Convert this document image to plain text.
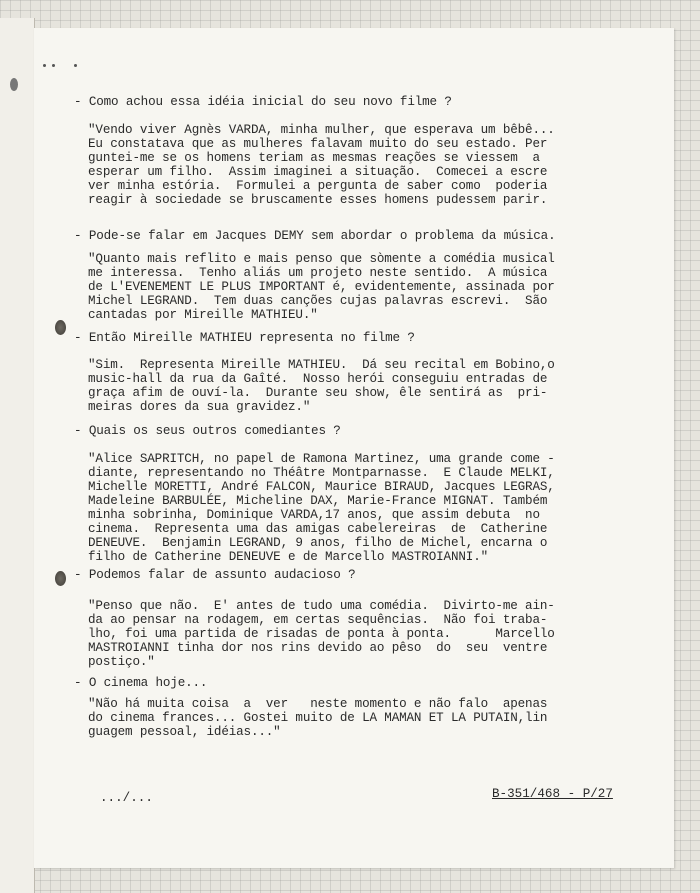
- Como achou essa idéia inicial do seu novo filme ?
"Vendo viver Agnès VARDA, minha mulher, que esperava um bêbê...
Eu constatava que as mulheres falavam muito do seu estado. Per
guntei-me se os homens teriam as mesmas reações se viessem  a
esperar um filho.  Assim imaginei a situação.  Comecei a escre
ver minha estória.  Formulei a pergunta de saber como  poderia
reagir à sociedade se bruscamente esses homens pudessem parir.
- Pode-se falar em Jacques DEMY sem abordar o problema da música.
"Quanto mais reflito e mais penso que sòmente a comédia musical
me interessa.  Tenho aliás um projeto neste sentido.  A música
de L'EVENEMENT LE PLUS IMPORTANT é, evidentemente, assinada por
Michel LEGRAND.  Tem duas canções cujas palavras escrevi.  São
cantadas por Mireille MATHIEU."
- Então Mireille MATHIEU representa no filme ?
"Sim.  Representa Mireille MATHIEU.  Dá seu recital em Bobino,o
music-hall da rua da Gaîté.  Nosso herói conseguiu entradas de
graça afim de ouví-la.  Durante seu show, êle sentirá as  pri-
meiras dores da sua gravidez."
- Quais os seus outros comediantes ?
"Alice SAPRITCH, no papel de Ramona Martinez, uma grande come -
diante, representando no Théâtre Montparnasse.  E Claude MELKI,
Michelle MORETTI, André FALCON, Maurice BIRAUD, Jacques LEGRAS,
Madeleine BARBULÉE, Micheline DAX, Marie-France MIGNAT. Também
minha sobrinha, Dominique VARDA,17 anos, que assim debuta  no
cinema.  Representa uma das amigas cabelereiras  de  Catherine
DENEUVE.  Benjamin LEGRAND, 9 anos, filho de Michel, encarna o
filho de Catherine DENEUVE e de Marcello MASTROIANNI."
- Podemos falar de assunto audacioso ?
"Penso que não.  E' antes de tudo uma comédia.  Divirto-me ain-
da ao pensar na rodagem, em certas sequências.  Não foi traba-
lho, foi uma partida de risadas de ponta à ponta.      Marcello
MASTROIANNI tinha dor nos rins devido ao pêso  do  seu  ventre
postiço."
- O cinema hoje...
"Não há muita coisa  a  ver   neste momento e não falo  apenas
do cinema frances... Gostei muito de LA MAMAN ET LA PUTAIN,lin
guagem pessoal, idéias..."
.../...	B-351/468 - P/27
